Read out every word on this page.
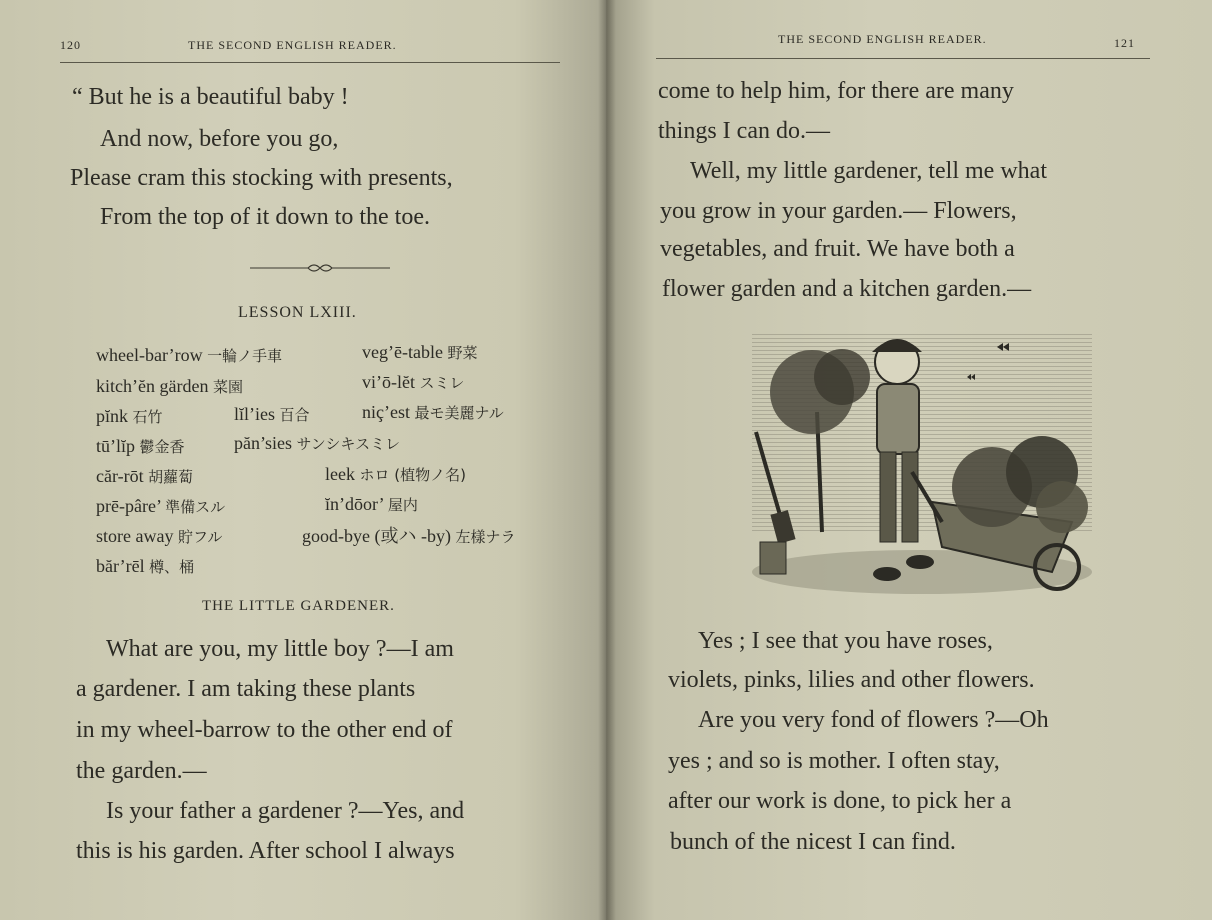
120	THE SECOND ENGLISH READER.
“ But he is a beautiful baby !
And now, before you go,
Please cram this stocking with presents,
From the top of it down to the toe.
LESSON LXIII.
wheel-bar’row 一輪ノ手車	veg’ē-table 野菜
kitch’ĕn gärden 菜園	vi’ō-lĕt スミレ
pĭnk 石竹	lĭl’ies 百合	niç’est 最モ美麗ナル
tū’lĭp 鬱金香	păn’sies サンシキスミレ
căr-rōt 胡蘿蔔	leek ホロ (植物ノ名)
prē-pâre’ 準備スル	ĭn’dōor’ 屋内
store away 貯フル	good-bye (或ハ -by) 左樣ナラ
băr’rēl 樽、桶
THE LITTLE GARDENER.
What are you, my little boy ?—I am
a gardener. I am taking these plants
in my wheel-barrow to the other end of
the garden.—
Is your father a gardener ?—Yes, and
this is his garden. After school I always
THE SECOND ENGLISH READER.	121
come to help him, for there are many
things I can do.—
Well, my little gardener, tell me what
you grow in your garden.— Flowers,
vegetables, and fruit. We have both a
flower garden and a kitchen garden.—
Yes ; I see that you have roses,
violets, pinks, lilies and other flowers.
Are you very fond of flowers ?—Oh
yes ; and so is mother. I often stay,
after our work is done, to pick her a
bunch of the nicest I can find.
